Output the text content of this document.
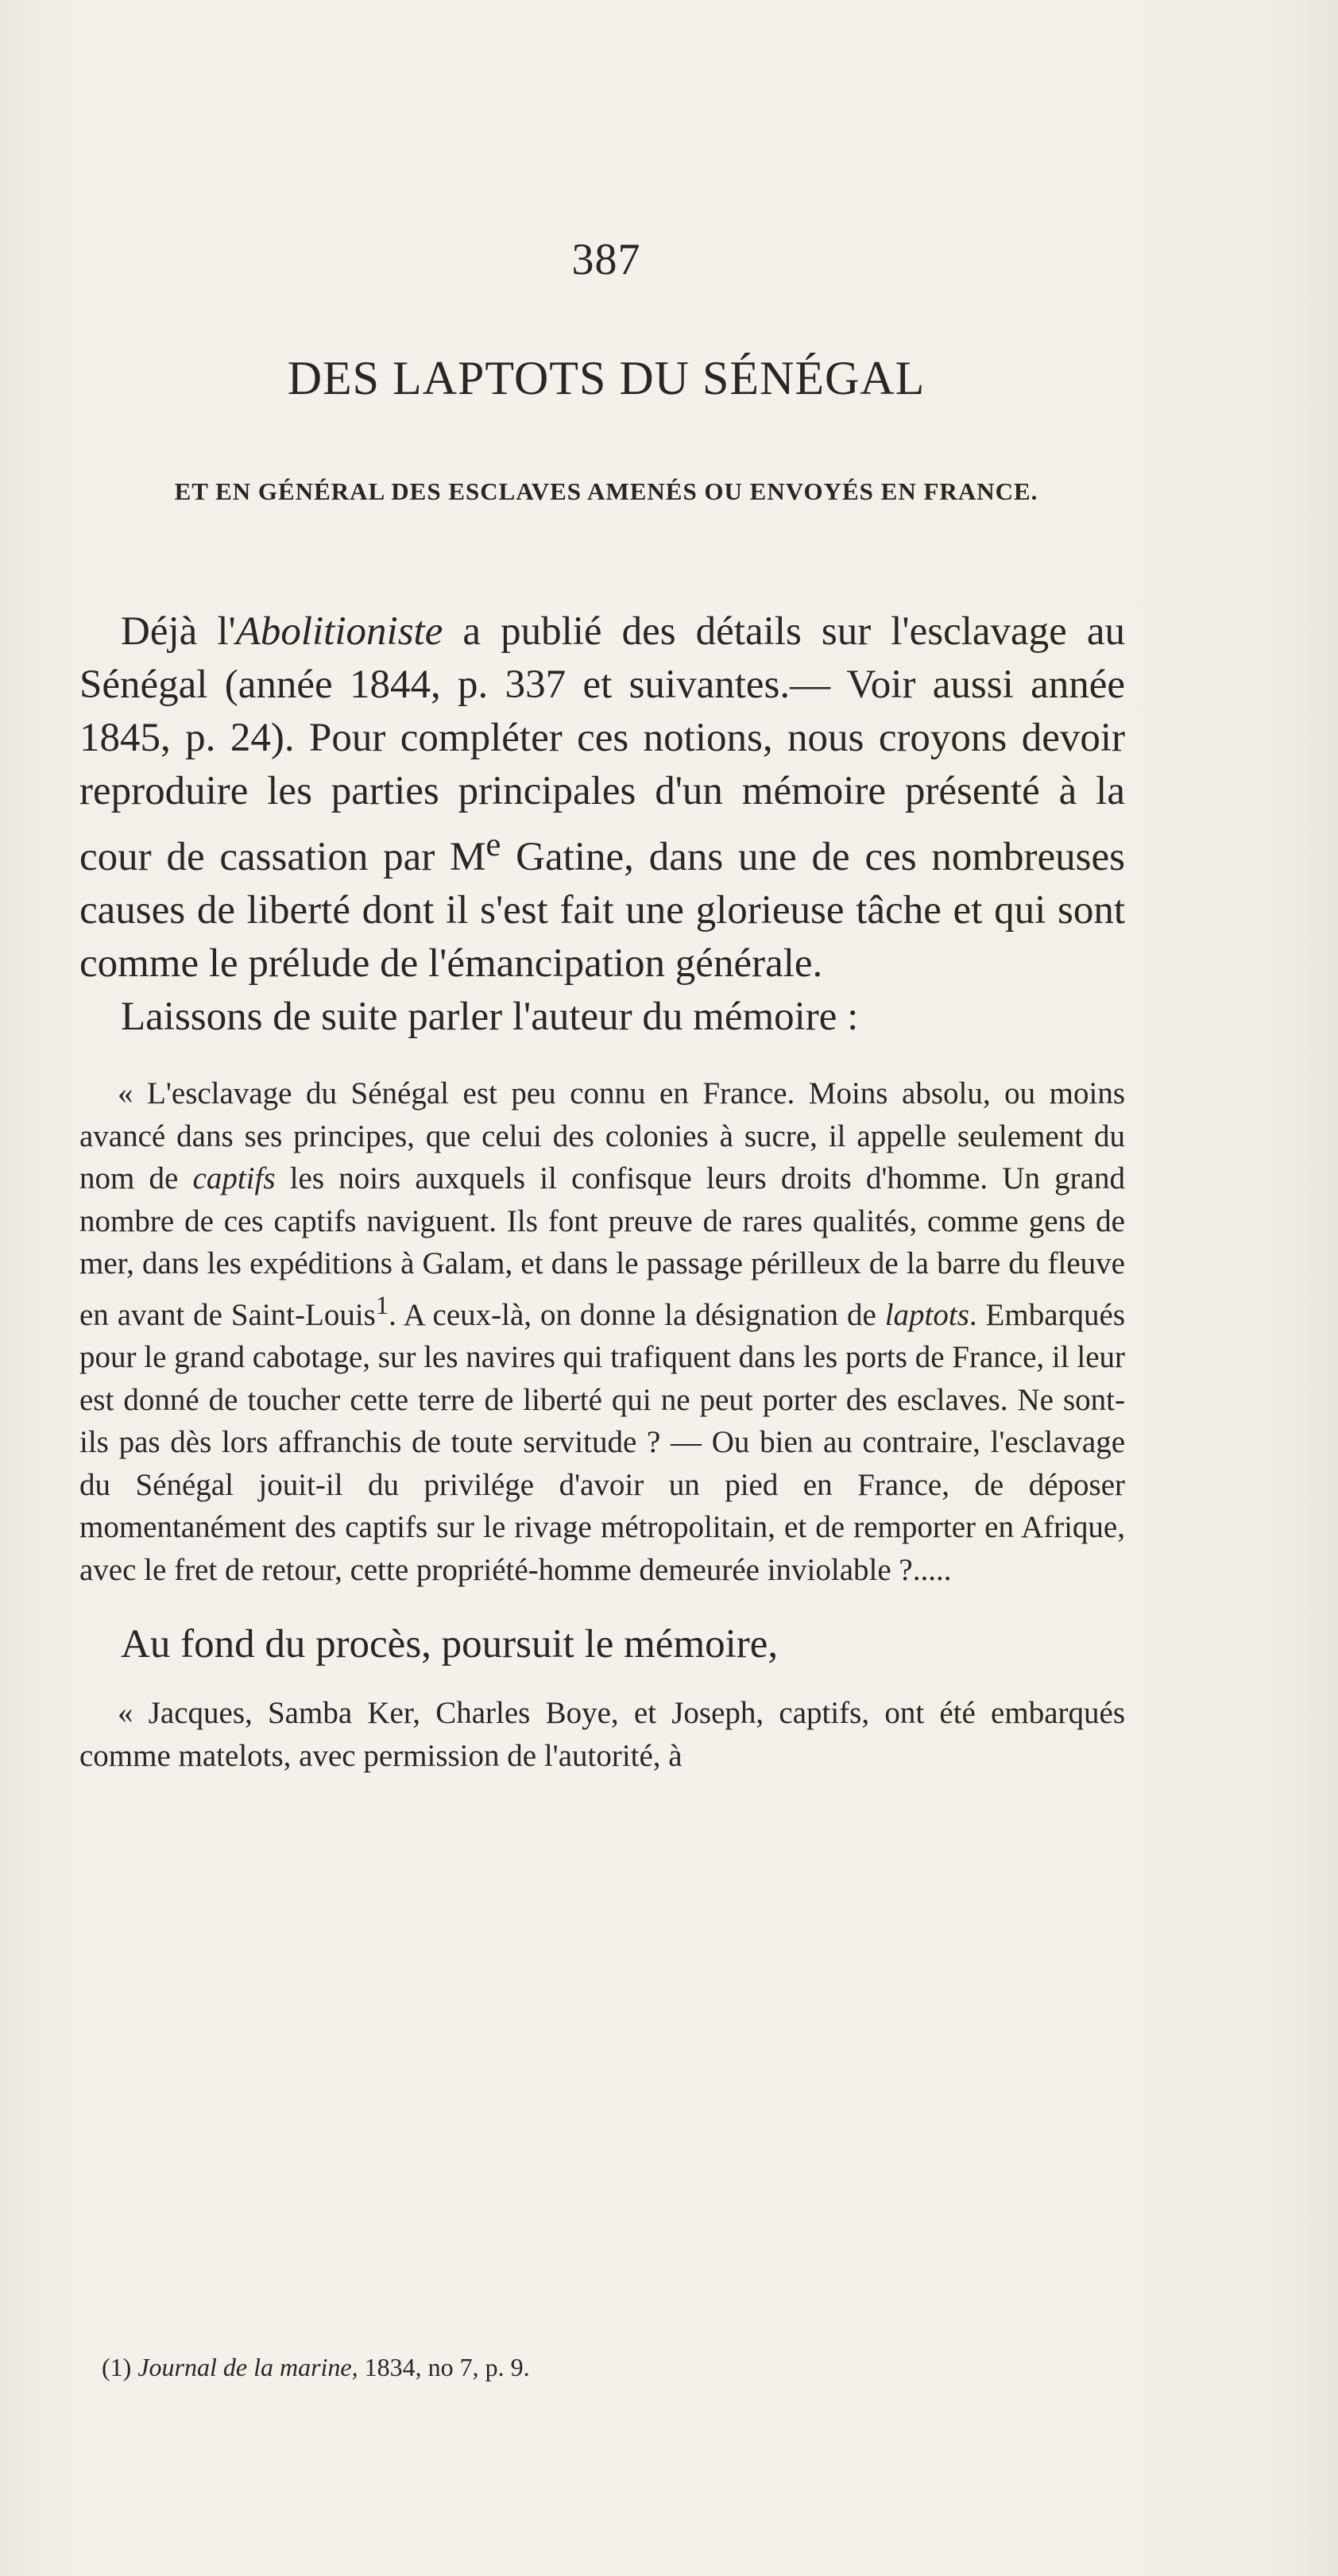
387
DES LAPTOTS DU SÉNÉGAL
ET EN GÉNÉRAL DES ESCLAVES AMENÉS OU ENVOYÉS EN FRANCE.

Déjà l'Abolitioniste a publié des détails sur l'esclavage au Sénégal (année 1844, p. 337 et suivantes.— Voir aussi année 1845, p. 24). Pour compléter ces notions, nous croyons devoir reproduire les parties principales d'un mémoire présenté à la cour de cassation par Me Gatine, dans une de ces nombreuses causes de liberté dont il s'est fait une glorieuse tâche et qui sont comme le prélude de l'émancipation générale.

Laissons de suite parler l'auteur du mémoire :

« L'esclavage du Sénégal est peu connu en France. Moins absolu, ou moins avancé dans ses principes, que celui des colonies à sucre, il appelle seulement du nom de captifs les noirs auxquels il confisque leurs droits d'homme. Un grand nombre de ces captifs naviguent. Ils font preuve de rares qualités, comme gens de mer, dans les expéditions à Galam, et dans le passage périlleux de la barre du fleuve en avant de Saint-Louis$^1$. A ceux-là, on donne la désignation de laptots. Embarqués pour le grand cabotage, sur les navires qui trafiquent dans les ports de France, il leur est donné de toucher cette terre de liberté qui ne peut porter des esclaves. Ne sont-ils pas dès lors affranchis de toute servitude ? — Ou bien au contraire, l'esclavage du Sénégal jouit-il du privilége d'avoir un pied en France, de déposer momentanément des captifs sur le rivage métropolitain, et de remporter en Afrique, avec le fret de retour, cette propriété-homme demeurée inviolable ?.....

Au fond du procès, poursuit le mémoire,

« Jacques, Samba Ker, Charles Boye, et Joseph, captifs, ont été embarqués comme matelots, avec permission de l'autorité, à

(1) Journal de la marine, 1834, no 7, p. 9.
